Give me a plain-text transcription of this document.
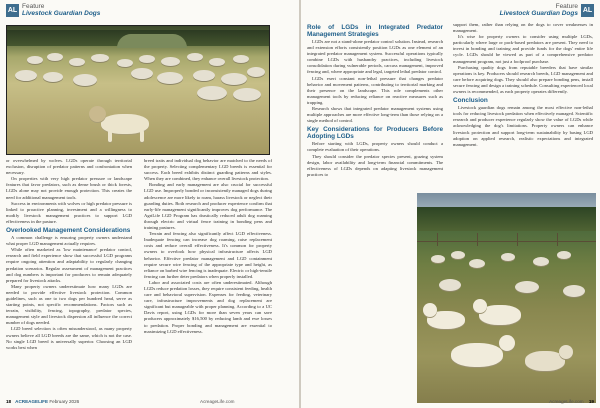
AL
Feature
Livestock Guardian Dogs

or overwhelmed by wolves. LGDs operate through territorial exclusion, disruption of predator patterns and confrontation when necessary.

On properties with very high predator pressure or landscape features that favor predators, such as dense brush or thick forests, LGDs alone may not provide enough protection. This creates the need for additional management tools.

Success in environments with wolves or high predator pressure is linked to proactive planning, investment and a willingness to modify livestock management practices to support LGD effectiveness in the pasture.

Overlooked Management Considerations

A common challenge is ensuring property owners understand what proper LGD management actually requires.

While often marketed as 'low maintenance' predator control, research and field experience show that successful LGD programs require ongoing attention and adaptability to regularly changing predation scenarios. Regular assessment of management practices and dog numbers is important for producers to remain adequately prepared for livestock attacks.

Many property owners underestimate how many LGDs are needed to provide effective livestock protection. Common guidelines, such as one to two dogs per hundred head, serve as starting points, not specific recommendations. Factors such as terrain, visibility, fencing, topography, predator species, management style and livestock dispersion all influence the correct number of dogs needed.

LGD breed selection is often misunderstood, as many property owners believe all LGD breeds are the same, which is not the case. No single LGD breed is universally superior. Choosing an LGD works best when

breed traits and individual dog behavior are matched to the needs of the property. Selecting complementary LGD breeds is essential for success. Each breed exhibits distinct guarding patterns and styles. When they are combined, they enhance overall livestock protection.

Bonding and early management are also crucial for successful LGD use. Improperly bonded or inconsistently managed dogs during adolescence are more likely to roam, harass livestock or neglect their guarding duties. Both research and producer experience confirm that early-life management significantly improves dog performance. The AgriLife LGD Program has drastically reduced adult dog roaming through electric and virtual fence training in bonding pens and training pastures.

Terrain and fencing also significantly affect LGD effectiveness. Inadequate fencing can increase dog roaming, raise replacement costs and reduce overall effectiveness. It's common for property owners to overlook how physical infrastructure affects LGD behavior. Effective predator management and LGD containment require secure wire fencing of the appropriate type and height, as reliance on barbed wire fencing is inadequate. Electric or high-tensile fencing can further deter predators when properly installed.

Labor and associated costs are often underestimated. Although LGDs reduce predation losses, they require consistent feeding, health care and behavioral supervision. Expenses for feeding, veterinary care, infrastructure improvements and dog replacement are significant but manageable with proper planning. According to a UC Davis report, using LGDs for more than seven years can save producers approximately $16,500 by reducing lamb and ewe losses to predation. Proper bonding and management are essential to maximizing LGD effectiveness.

18 ACREAGELIFE February 2026	AcreageLife.com
Feature
Livestock Guardian Dogs AL
Role of LGDs in Integrated Predator Management Strategies

LGDs are not a stand-alone predator control solution. Instead, research and extension efforts consistently position LGDs as one element of an integrated predator management system. Successful operations typically combine LGDs with husbandry practices, including livestock consolidation during vulnerable periods, carcass management, improved fencing and, where appropriate and legal, targeted lethal predator control.

LGDs exert constant non-lethal pressure that changes predator behavior and movement patterns, contributing to territorial marking and their presence on the landscape. This role complements other management tools by reducing reliance on reactive measures such as trapping.

Research shows that integrated predator management systems using multiple approaches are more effective long-term than those relying on a single method of control.

Key Considerations for Producers Before Adopting LGDs

Before starting with LGDs, property owners should conduct a complete evaluation of their operations.

They should consider the predator species present, grazing system design, labor availability and long-term financial commitments. The effectiveness of LGDs depends on adapting livestock management practices to

support them, rather than relying on the dogs to cover weaknesses in management.

It's wise for property owners to consider using multiple LGDs, particularly where large or pack-based predators are present. They need to invest in bonding and training and provide funds for the dogs' entire life cycle. LGDs should be viewed as part of a comprehensive predator management program, not just a foolproof purchase.

Purchasing quality dogs from reputable breeders that have similar operations is key. Producers should research breeds, LGD management and care before acquiring dogs. They should also prepare bonding pens, install secure fencing and design a training schedule. Consulting experienced local owners is recommended, as each property operates differently.

Conclusion

Livestock guardian dogs remain among the most effective non-lethal tools for reducing livestock predation when effectively managed. Scientific research and producer experience regularly show the value of LGDs while acknowledging the dog's limitations. Property owners can enhance livestock protection and support long-term sustainability by basing LGD adoption on applied research, realistic expectations and integrated management.

AcreageLife.com 19
